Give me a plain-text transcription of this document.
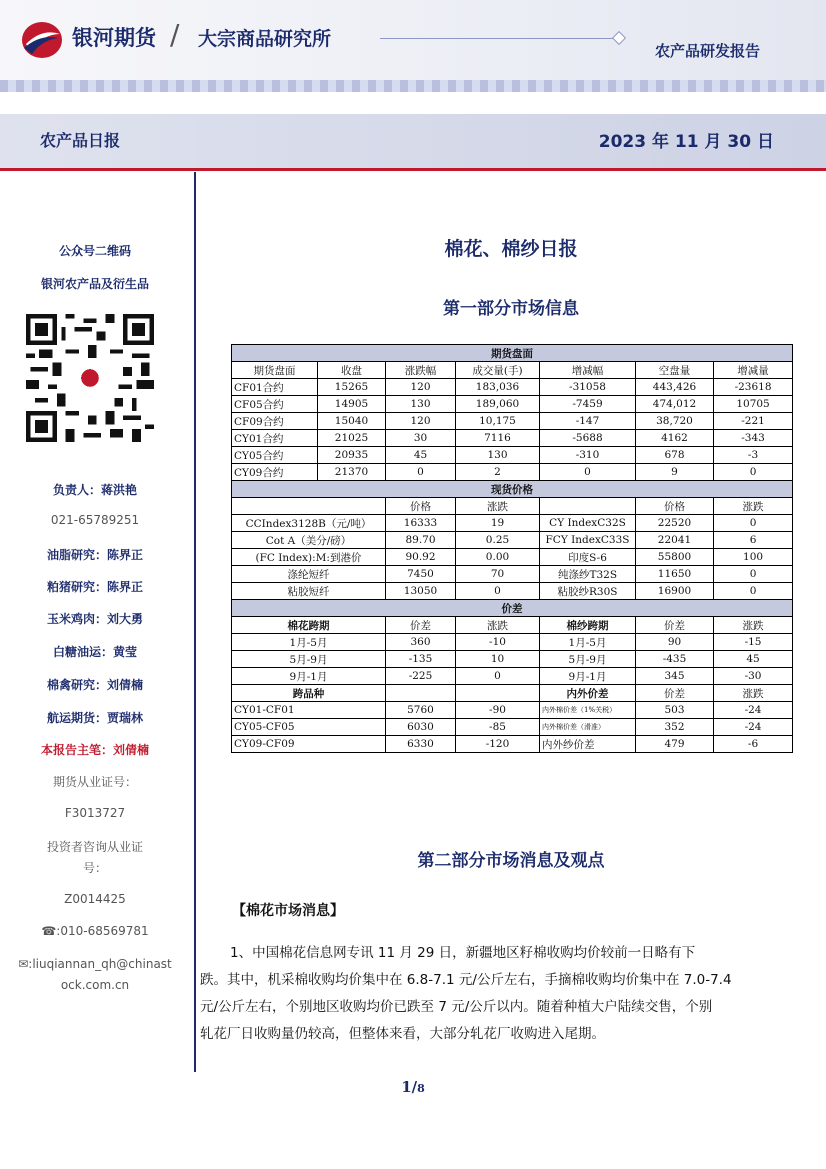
银河期货 / 大宗商品研究所
农产品研发报告
农产品日报	2023 年 11 月 30 日
公众号二维码
银河农产品及衍生品
负责人：蒋洪艳
021-65789251
油脂研究：陈界正
粕猪研究：陈界正
玉米鸡肉：刘大勇
白糖油运：黄莹
棉禽研究：刘倩楠
航运期货：贾瑞林
本报告主笔：刘倩楠
期货从业证号：
F3013727
投资者咨询从业证
号：
Z0014425
☎:010-68569781
✉:liuqiannan_qh@chinast
ock.com.cn
棉花、棉纱日报
第一部分市场信息
期货盘面						
期货盘面	收盘	涨跌幅	成交量(手)	增减幅	空盘量	增减量
CF01合约	15265	120	183,036	-31058	443,426	-23618
CF05合约	14905	130	189,060	-7459	474,012	10705
CF09合约	15040	120	10,175	-147	38,720	-221
CY01合约	21025	30	7116	-5688	4162	-343
CY05合约	20935	45	130	-310	678	-3
CY09合约	21370	0	2	0	9	0
现货价格						
		价格	涨跌		价格	涨跌
CCIndex3128B（元/吨）		16333	19	CY IndexC32S	22520	0
Cot A（美分/磅）		89.70	0.25	FCY IndexC33S	22041	6
(FC Index):M:到港价		90.92	0.00	印度S-6	55800	100
涤纶短纤		7450	70	纯涤纱T32S	11650	0
粘胶短纤		13050	0	粘胶纱R30S	16900	0
价差						
棉花跨期		价差	涨跌	棉纱跨期	价差	涨跌
1月-5月		360	-10	1月-5月	90	-15
5月-9月		-135	10	5月-9月	-435	45
9月-1月		-225	0	9月-1月	345	-30
跨品种				内外价差	价差	涨跌
CY01-CF01		5760	-90	内外棉价差（1%关税）	503	-24
CY05-CF05		6030	-85	内外棉价差（滑准）	352	-24
CY09-CF09		6330	-120	内外纱价差	479	-6
第二部分市场消息及观点
【棉花市场消息】
1、中国棉花信息网专讯 11 月 29 日，新疆地区籽棉收购均价较前一日略有下
跌。其中，机采棉收购均价集中在 6.8-7.1 元/公斤左右，手摘棉收购均价集中在 7.0-7.4
元/公斤左右，个别地区收购均价已跌至 7 元/公斤以内。随着种植大户陆续交售，个别
轧花厂日收购量仍较高，但整体来看，大部分轧花厂收购进入尾期。
1/8
